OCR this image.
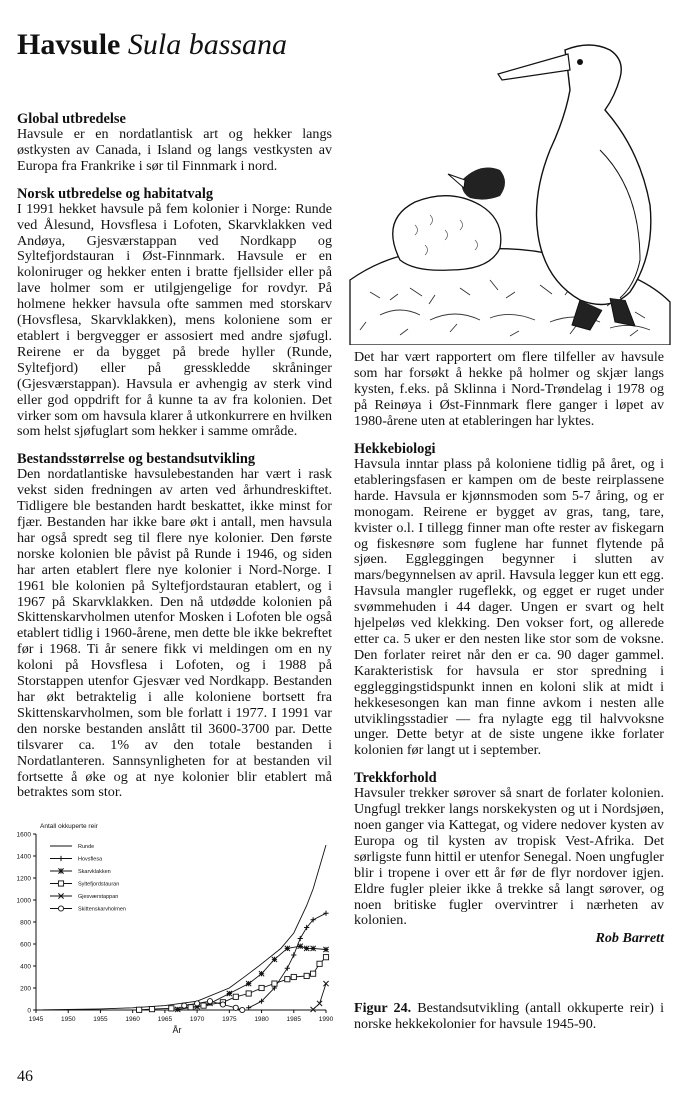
Havsule Sula bassana
Global utbredelse

Havsule er en nordatlantisk art og hekker langs østkysten av Canada, i Island og langs vestkysten av Europa fra Frankrike i sør til Finnmark i nord.

Norsk utbredelse og habitatvalg

I 1991 hekket havsule på fem kolonier i Norge: Runde ved Ålesund, Hovsflesa i Lofoten, Skarvklakken ved Andøya, Gjesværstappan ved Nordkapp og Syltefjordstauran i Øst-Finnmark. Havsule er en koloniruger og hekker enten i bratte fjellsider eller på lave holmer som er utilgjengelige for rovdyr. På holmene hekker havsula ofte sammen med storskarv (Hovsflesa, Skarvklakken), mens koloniene som er etablert i bergvegger er assosiert med andre sjøfugl. Reirene er da bygget på brede hyller (Runde, Syltefjord) eller på gresskledde skråninger (Gjesværstappan). Havsula er avhengig av sterk vind eller god oppdrift for å kunne ta av fra kolonien. Det virker som om havsula klarer å utkonkurrere en hvilken som helst sjøfuglart som hekker i samme område.

Bestandsstørrelse og bestandsutvikling

Den nordatlantiske havsulebestanden har vært i rask vekst siden fredningen av arten ved århundreskiftet. Tidligere ble bestanden hardt beskattet, ikke minst for fjær. Bestanden har ikke bare økt i antall, men havsula har også spredt seg til flere nye kolonier. Den første norske kolonien ble påvist på Runde i 1946, og siden har arten etablert flere nye kolonier i Nord-Norge. I 1961 ble kolonien på Syltefjordstauran etablert, og i 1967 på Skarvklakken. Den nå utdødde kolonien på Skittenskarvholmen utenfor Mosken i Lofoten ble også etablert tidlig i 1960-årene, men dette ble ikke bekreftet før i 1968. Ti år senere fikk vi meldingen om en ny koloni på Hovsflesa i Lofoten, og i 1988 på Storstappen utenfor Gjesvær ved Nordkapp. Bestanden har økt betraktelig i alle koloniene bortsett fra Skittenskarvholmen, som ble forlatt i 1977. I 1991 var den norske bestanden anslått til 3600-3700 par. Dette tilsvarer ca. 1% av den totale bestanden i Nordatlanteren. Sannsynligheten for at bestanden vil fortsette å øke og at nye kolonier blir etablert må betraktes som stor.

Det har vært rapportert om flere tilfeller av havsule som har forsøkt å hekke på holmer og skjær langs kysten, f.eks. på Sklinna i Nord-Trøndelag i 1978 og på Reinøya i Øst-Finnmark flere ganger i løpet av 1980-årene uten at etableringen har lyktes.

Hekkebiologi

Havsula inntar plass på koloniene tidlig på året, og i etableringsfasen er kampen om de beste reirplassene harde. Havsula er kjønnsmoden som 5-7 åring, og er monogam. Reirene er bygget av gras, tang, tare, kvister o.l. I tillegg finner man ofte rester av fiskegarn og fiskesnøre som fuglene har funnet flytende på sjøen. Eggleggingen begynner i slutten av mars/begynnelsen av april. Havsula legger kun ett egg. Havsula mangler rugeflekk, og egget er ruget under svømmehuden i 44 dager. Ungen er svart og helt hjelpeløs ved klekking. Den vokser fort, og allerede etter ca. 5 uker er den nesten like stor som de voksne. Den forlater reiret når den er ca. 90 dager gammel. Karakteristisk for havsula er stor spredning i eggleggingstidspunkt innen en koloni slik at midt i hekkesesongen kan man finne avkom i nesten alle utviklingsstadier — fra nylagte egg til halvvoksne unger. Dette betyr at de siste ungene ikke forlater kolonien før langt ut i september.

Trekkforhold

Havsuler trekker sørover så snart de forlater kolonien. Ungfugl trekker langs norskekysten og ut i Nordsjøen, noen ganger via Kattegat, og videre nedover kysten av Europa og til kysten av tropisk Vest-Afrika. Det sørligste funn hittil er utenfor Senegal. Noen ungfugler blir i tropene i over ett år før de flyr nordover igjen. Eldre fugler pleier ikke å trekke så langt sørover, og noen britiske fugler overvintrer i nærheten av kolonien.

Rob Barrett
0
200
400
600
800
1000
1200
1400
1600
1945	1950	1955	1960	1965	1970	1975	1980	1985	1990
Antall okkuperte reir
År
Runde
Hovsflesa
Skarvklakken
Syltefjordstauran
Gjesværstappan
Skittenskarvholmen
Figur 24. Bestandsutvikling (antall okkuperte reir) i norske hekkekolonier for havsule 1945-90.
46
